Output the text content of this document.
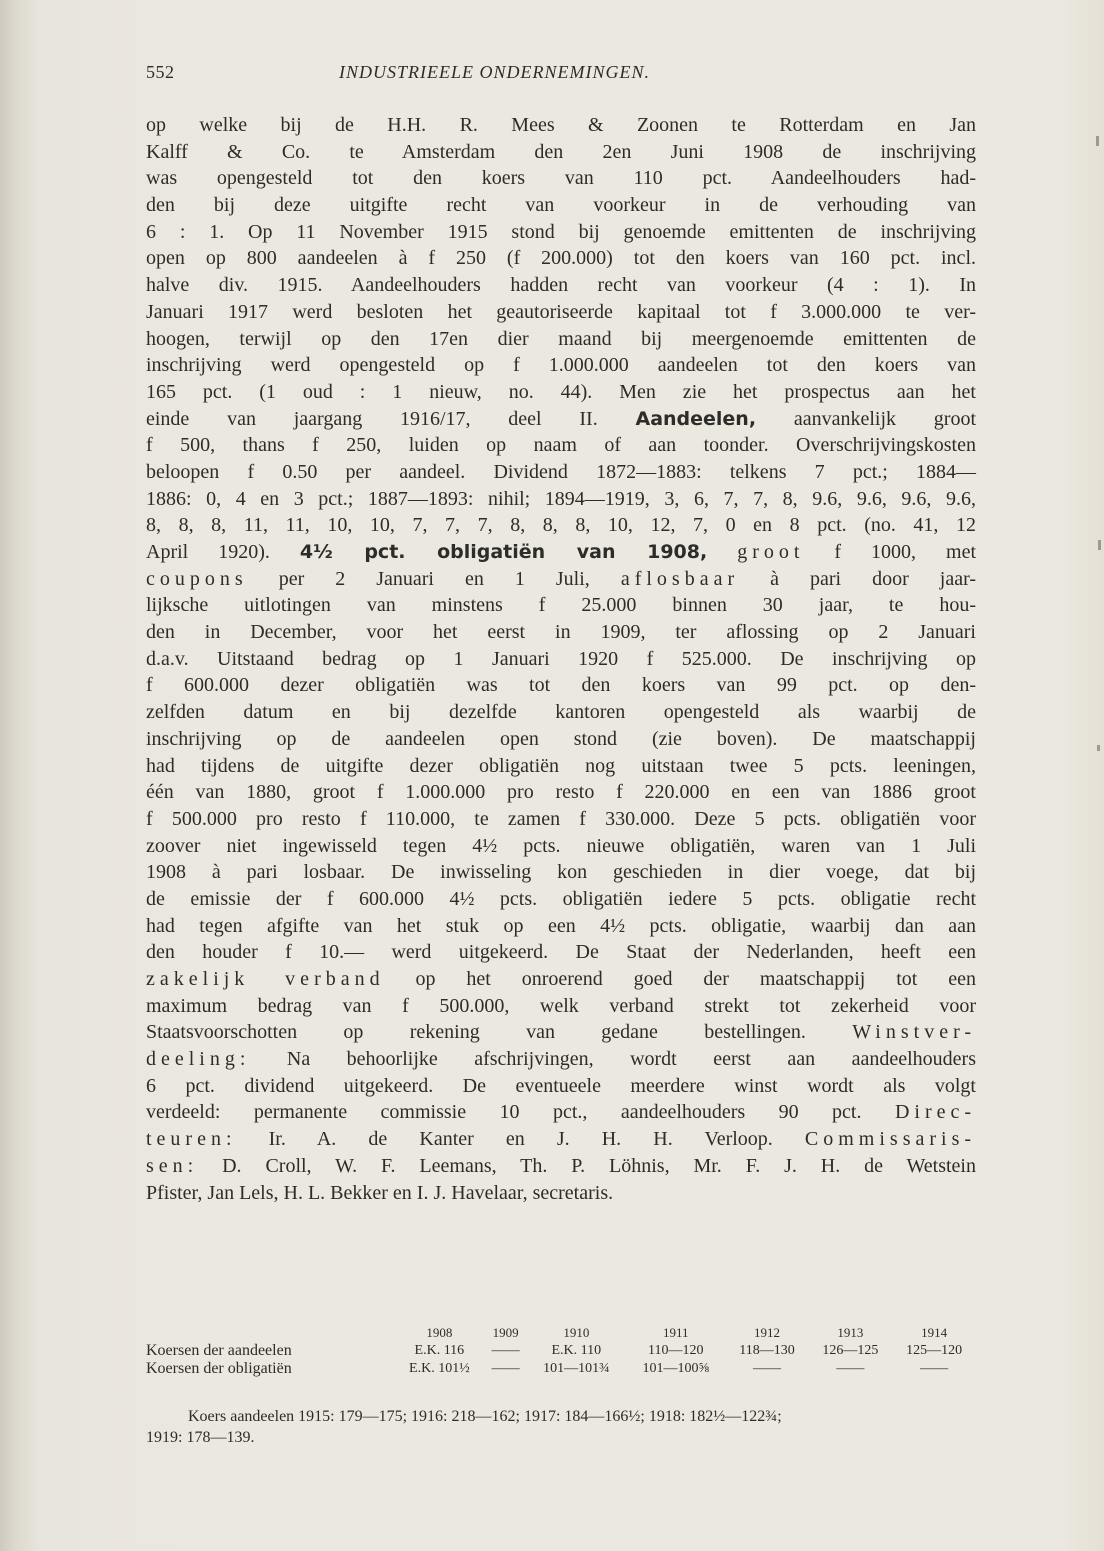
552	INDUSTRIEELE ONDERNEMINGEN.
op welke bij de H.H. R. Mees & Zoonen te Rotterdam en Jan
Kalff & Co. te Amsterdam den 2en Juni 1908 de inschrijving
was opengesteld tot den koers van 110 pct. Aandeelhouders had-
den bij deze uitgifte recht van voorkeur in de verhouding van
6 : 1. Op 11 November 1915 stond bij genoemde emittenten de inschrijving
open op 800 aandeelen à f 250 (f 200.000) tot den koers van 160 pct. incl.
halve div. 1915. Aandeelhouders hadden recht van voorkeur (4 : 1). In
Januari 1917 werd besloten het geautoriseerde kapitaal tot f 3.000.000 te ver-
hoogen, terwijl op den 17en dier maand bij meergenoemde emittenten de
inschrijving werd opengesteld op f 1.000.000 aandeelen tot den koers van
165 pct. (1 oud : 1 nieuw, no. 44). Men zie het prospectus aan het
einde van jaargang 1916/17, deel II. Aandeelen, aanvankelijk groot
f 500, thans f 250, luiden op naam of aan toonder. Overschrijvingskosten
beloopen f 0.50 per aandeel. Dividend 1872—1883: telkens 7 pct.; 1884—
1886: 0, 4 en 3 pct.; 1887—1893: nihil; 1894—1919, 3, 6, 7, 7, 8, 9.6, 9.6, 9.6, 9.6,
8, 8, 8, 11, 11, 10, 10, 7, 7, 7, 8, 8, 8, 10, 12, 7, 0 en 8 pct. (no. 41, 12
April 1920). 4½ pct. obligatiën van 1908, groot f 1000, met
coupons per 2 Januari en 1 Juli, aflosbaar à pari door jaar-
lijksche uitlotingen van minstens f 25.000 binnen 30 jaar, te hou-
den in December, voor het eerst in 1909, ter aflossing op 2 Januari
d.a.v. Uitstaand bedrag op 1 Januari 1920 f 525.000. De inschrijving op
f 600.000 dezer obligatiën was tot den koers van 99 pct. op den-
zelfden datum en bij dezelfde kantoren opengesteld als waarbij de
inschrijving op de aandeelen open stond (zie boven). De maatschappij
had tijdens de uitgifte dezer obligatiën nog uitstaan twee 5 pcts. leeningen,
één van 1880, groot f 1.000.000 pro resto f 220.000 en een van 1886 groot
f 500.000 pro resto f 110.000, te zamen f 330.000. Deze 5 pcts. obligatiën voor
zoover niet ingewisseld tegen 4½ pcts. nieuwe obligatiën, waren van 1 Juli
1908 à pari losbaar. De inwisseling kon geschieden in dier voege, dat bij
de emissie der f 600.000 4½ pcts. obligatiën iedere 5 pcts. obligatie recht
had tegen afgifte van het stuk op een 4½ pcts. obligatie, waarbij dan aan
den houder f 10.— werd uitgekeerd. De Staat der Nederlanden, heeft een
zakelijk verband op het onroerend goed der maatschappij tot een
maximum bedrag van f 500.000, welk verband strekt tot zekerheid voor
Staatsvoorschotten op rekening van gedane bestellingen. Winstver-
deeling: Na behoorlijke afschrijvingen, wordt eerst aan aandeelhouders
6 pct. dividend uitgekeerd. De eventueele meerdere winst wordt als volgt
verdeeld: permanente commissie 10 pct., aandeelhouders 90 pct. Direc-
teuren: Ir. A. de Kanter en J. H. H. Verloop. Commissaris-
sen: D. Croll, W. F. Leemans, Th. P. Löhnis, Mr. F. J. H. de Wetstein
Pfister, Jan Lels, H. L. Bekker en I. J. Havelaar, secretaris.
	1908	1909	1910	1911	1912	1913	1914
Koersen der aandeelen	E.K. 116	——	E.K. 110	110—120	118—130	126—125	125—120
Koersen der obligatiën	E.K. 101½	——	101—101¾	101—100⅝	——	——	——
Koers aandeelen 1915: 179—175; 1916: 218—162; 1917: 184—166½; 1918: 182½—122¾;
1919: 178—139.
